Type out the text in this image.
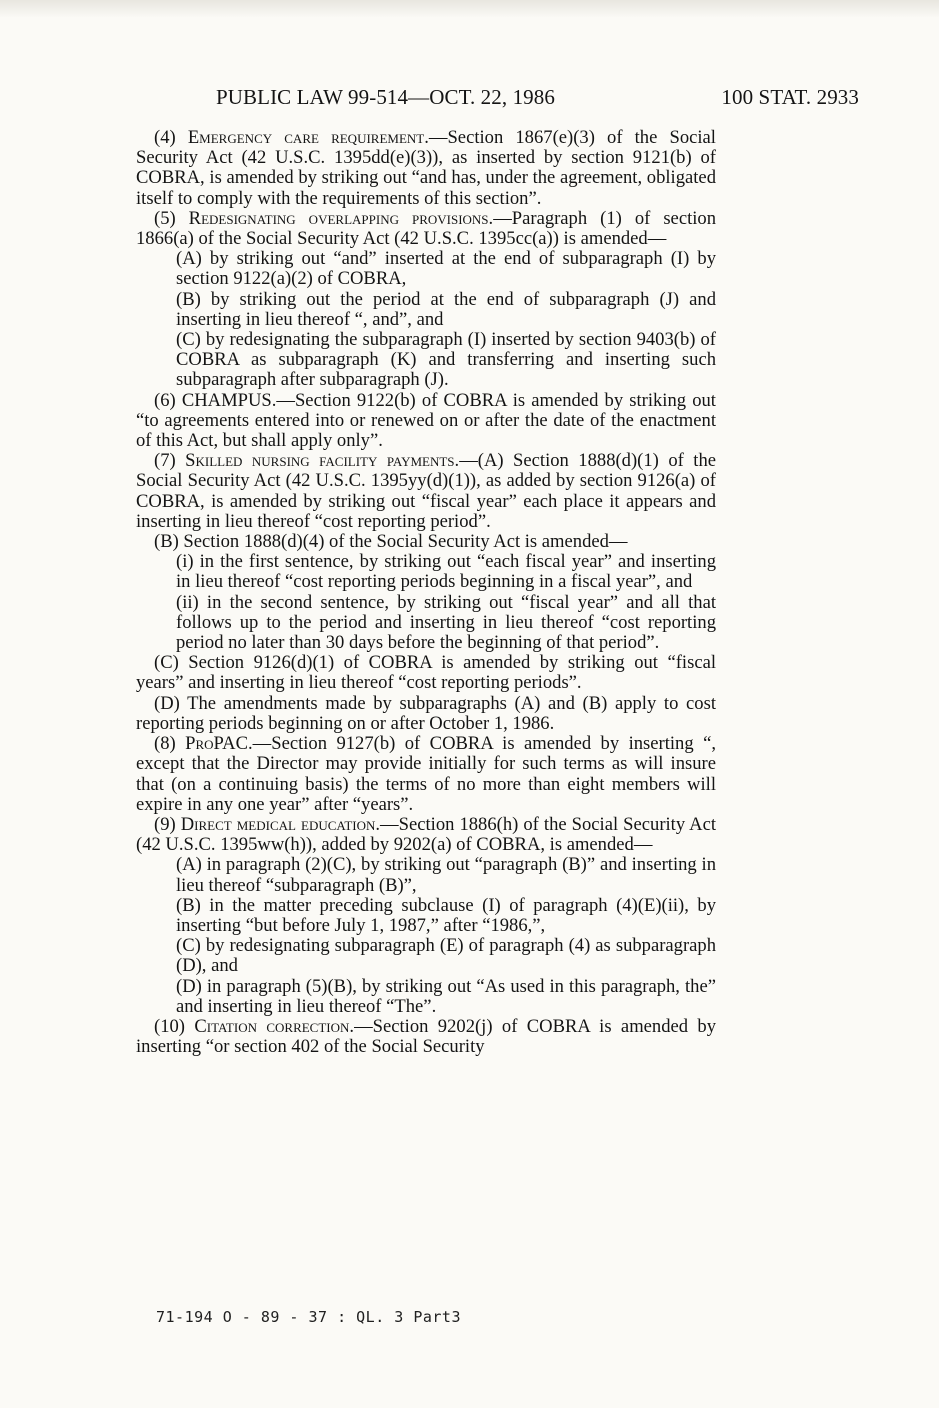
PUBLIC LAW 99-514—OCT. 22, 1986	100 STAT. 2933

(4) Emergency care requirement.—Section 1867(e)(3) of the Social Security Act (42 U.S.C. 1395dd(e)(3)), as inserted by section 9121(b) of COBRA, is amended by striking out “and has, under the agreement, obligated itself to comply with the requirements of this section”.

(5) Redesignating overlapping provisions.—Paragraph (1) of section 1866(a) of the Social Security Act (42 U.S.C. 1395cc(a)) is amended—

(A) by striking out “and” inserted at the end of subparagraph (I) by section 9122(a)(2) of COBRA,

(B) by striking out the period at the end of subparagraph (J) and inserting in lieu thereof “, and”, and

(C) by redesignating the subparagraph (I) inserted by section 9403(b) of COBRA as subparagraph (K) and transferring and inserting such subparagraph after subparagraph (J).

(6) CHAMPUS.—Section 9122(b) of COBRA is amended by striking out “to agreements entered into or renewed on or after the date of the enactment of this Act, but shall apply only”.

(7) Skilled nursing facility payments.—(A) Section 1888(d)(1) of the Social Security Act (42 U.S.C. 1395yy(d)(1)), as added by section 9126(a) of COBRA, is amended by striking out “fiscal year” each place it appears and inserting in lieu thereof “cost reporting period”.

(B) Section 1888(d)(4) of the Social Security Act is amended—

(i) in the first sentence, by striking out “each fiscal year” and inserting in lieu thereof “cost reporting periods beginning in a fiscal year”, and

(ii) in the second sentence, by striking out “fiscal year” and all that follows up to the period and inserting in lieu thereof “cost reporting period no later than 30 days before the beginning of that period”.

(C) Section 9126(d)(1) of COBRA is amended by striking out “fiscal years” and inserting in lieu thereof “cost reporting periods”.

(D) The amendments made by subparagraphs (A) and (B) apply to cost reporting periods beginning on or after October 1, 1986.

(8) ProPAC.—Section 9127(b) of COBRA is amended by inserting “, except that the Director may provide initially for such terms as will insure that (on a continuing basis) the terms of no more than eight members will expire in any one year” after “years”.

(9) Direct medical education.—Section 1886(h) of the Social Security Act (42 U.S.C. 1395ww(h)), added by 9202(a) of COBRA, is amended—

(A) in paragraph (2)(C), by striking out “paragraph (B)” and inserting in lieu thereof “subparagraph (B)”,

(B) in the matter preceding subclause (I) of paragraph (4)(E)(ii), by inserting “but before July 1, 1987,” after “1986,”,

(C) by redesignating subparagraph (E) of paragraph (4) as subparagraph (D), and

(D) in paragraph (5)(B), by striking out “As used in this paragraph, the” and inserting in lieu thereof “The”.

(10) Citation correction.—Section 9202(j) of COBRA is amended by inserting “or section 402 of the Social Security

71-194 O - 89 - 37 : QL. 3 Part3
